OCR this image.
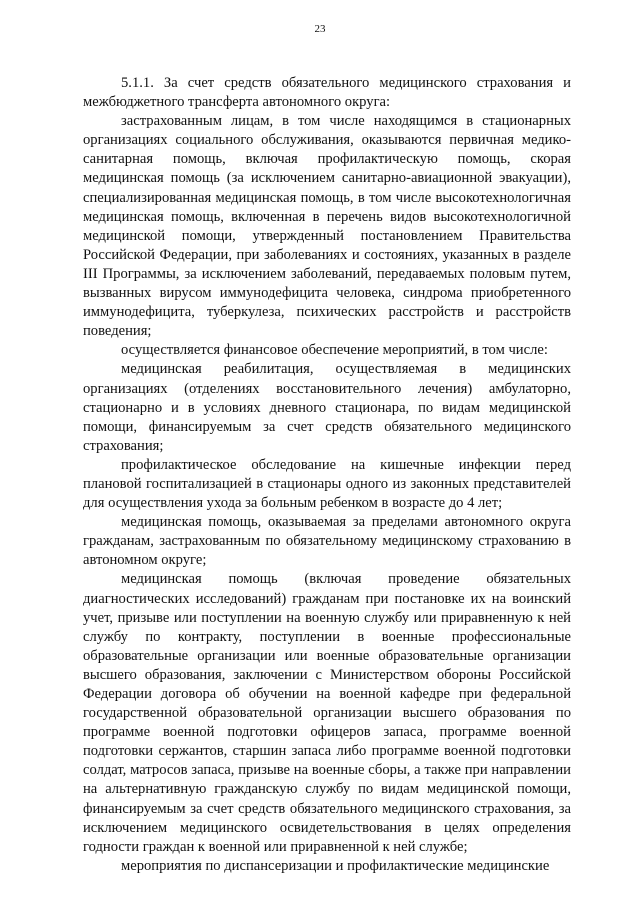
23

5.1.1. За счет средств обязательного медицинского страхования и межбюджетного трансферта автономного округа:

застрахованным лицам, в том числе находящимся в стационарных организациях социального обслуживания, оказываются первичная медико-санитарная помощь, включая профилактическую помощь, скорая медицинская помощь (за исключением санитарно-авиационной эвакуации), специализированная медицинская помощь, в том числе высокотехнологичная медицинская помощь, включенная в перечень видов высокотехнологичной медицинской помощи, утвержденный постановлением Правительства Российской Федерации, при заболеваниях и состояниях, указанных в разделе III Программы, за исключением заболеваний, передаваемых половым путем, вызванных вирусом иммунодефицита человека, синдрома приобретенного иммунодефицита, туберкулеза, психических расстройств и расстройств поведения;

осуществляется финансовое обеспечение мероприятий, в том числе:

медицинская реабилитация, осуществляемая в медицинских организациях (отделениях восстановительного лечения) амбулаторно, стационарно и в условиях дневного стационара, по видам медицинской помощи, финансируемым за счет средств обязательного медицинского страхования;

профилактическое обследование на кишечные инфекции перед плановой госпитализацией в стационары одного из законных представителей для осуществления ухода за больным ребенком в возрасте до 4 лет;

медицинская помощь, оказываемая за пределами автономного округа гражданам, застрахованным по обязательному медицинскому страхованию в автономном округе;

медицинская помощь (включая проведение обязательных диагностических исследований) гражданам при постановке их на воинский учет, призыве или поступлении на военную службу или приравненную к ней службу по контракту, поступлении в военные профессиональные образовательные организации или военные образовательные организации высшего образования, заключении с Министерством обороны Российской Федерации договора об обучении на военной кафедре при федеральной государственной образовательной организации высшего образования по программе военной подготовки офицеров запаса, программе военной подготовки сержантов, старшин запаса либо программе военной подготовки солдат, матросов запаса, призыве на военные сборы, а также при направлении на альтернативную гражданскую службу по видам медицинской помощи, финансируемым за счет средств обязательного медицинского страхования, за исключением медицинского освидетельствования в целях определения годности граждан к военной или приравненной к ней службе;

мероприятия по диспансеризации и профилактические медицинские
